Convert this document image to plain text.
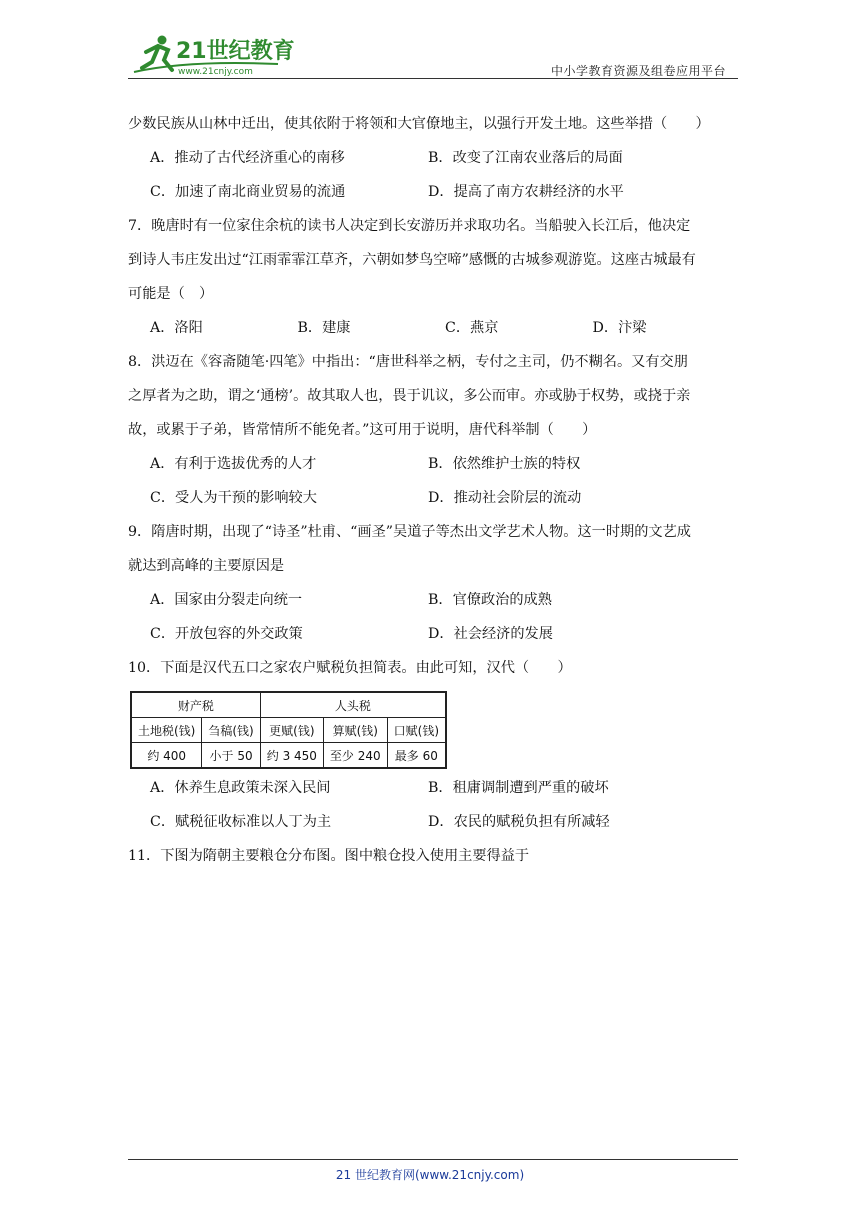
21世纪教育
www.21cnjy.com	中小学教育资源及组卷应用平台
少数民族从山林中迁出，使其依附于将领和大官僚地主，以强行开发土地。这些举措（　　）
A．推动了古代经济重心的南移	B．改变了江南农业落后的局面
C．加速了南北商业贸易的流通	D．提高了南方农耕经济的水平
7．晚唐时有一位家住余杭的读书人决定到长安游历并求取功名。当船驶入长江后，他决定
到诗人韦庄发出过“江雨霏霏江草齐，六朝如梦鸟空啼”感慨的古城参观游览。这座古城最有
可能是（　）
A．洛阳	B．建康	C．燕京	D．汴梁
8．洪迈在《容斋随笔·四笔》中指出：“唐世科举之柄，专付之主司，仍不糊名。又有交朋
之厚者为之助，谓之‘通榜’。故其取人也，畏于讥议，多公而审。亦或胁于权势，或挠于亲
故，或累于子弟，皆常情所不能免者。”这可用于说明，唐代科举制（　　）
A．有利于选拔优秀的人才	B．依然维护士族的特权
C．受人为干预的影响较大	D．推动社会阶层的流动
9．隋唐时期，出现了“诗圣”杜甫、“画圣”吴道子等杰出文学艺术人物。这一时期的文艺成
就达到高峰的主要原因是
A．国家由分裂走向统一	B．官僚政治的成熟
C．开放包容的外交政策	D．社会经济的发展
10．下面是汉代五口之家农户赋税负担简表。由此可知，汉代（　　）
财产税		人头税		
土地税(钱)	刍稿(钱)	更赋(钱)	算赋(钱)	口赋(钱)
约 400	小于 50	约 3 450	至少 240	最多 60
A．休养生息政策未深入民间	B．租庸调制遭到严重的破坏
C．赋税征收标准以人丁为主	D．农民的赋税负担有所减轻
11．下图为隋朝主要粮仓分布图。图中粮仓投入使用主要得益于
21 世纪教育网(www.21cnjy.com)
